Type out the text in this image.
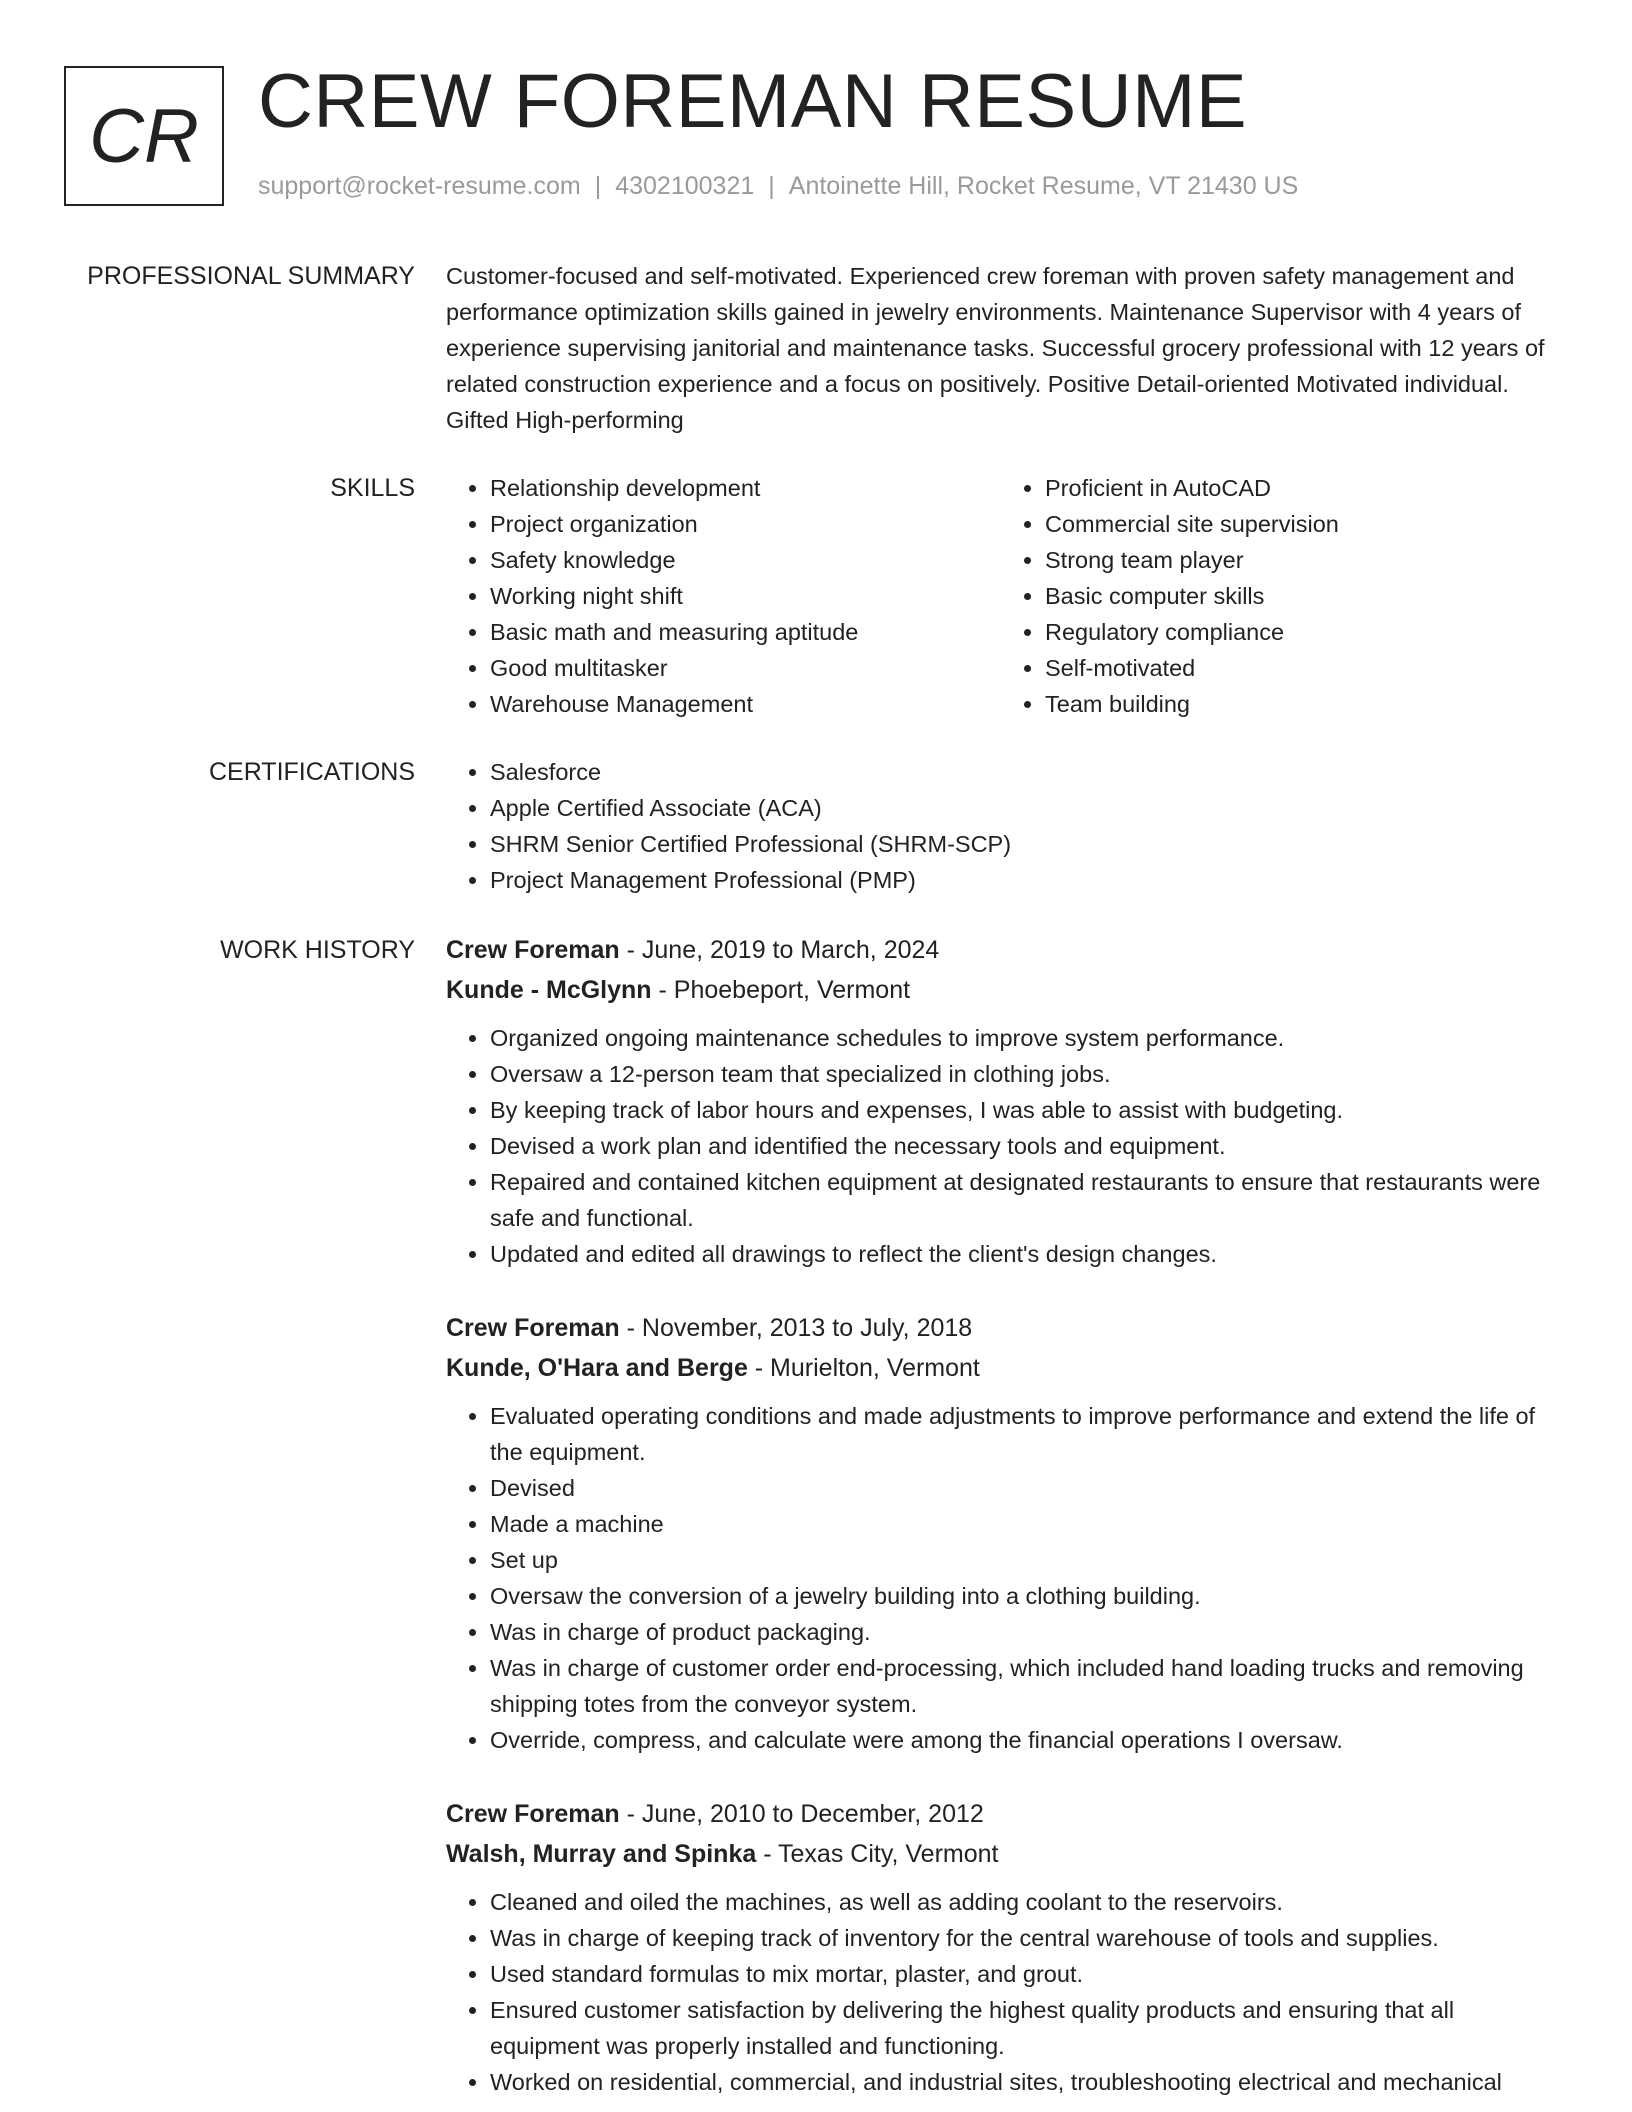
CR CREW FOREMAN RESUME
support@rocket-resume.com | 4302100321 | Antoinette Hill, Rocket Resume, VT 21430 US
PROFESSIONAL SUMMARY Customer-focused and self-motivated. Experienced crew foreman with proven safety management and performance optimization skills gained in jewelry environments. Maintenance Supervisor with 4 years of experience supervising janitorial and maintenance tasks. Successful grocery professional with 12 years of related construction experience and a focus on positively. Positive Detail-oriented Motivated individual. Gifted High-performing
SKILLS	• Relationship development
• Project organization
• Safety knowledge
• Working night shift
• Basic math and measuring aptitude
• Good multitasker
• Warehouse Management
• Proficient in AutoCAD
• Commercial site supervision
• Strong team player
• Basic computer skills
• Regulatory compliance
• Self-motivated
• Team building
CERTIFICATIONS	• Salesforce
• Apple Certified Associate (ACA)
• SHRM Senior Certified Professional (SHRM-SCP)
• Project Management Professional (PMP)
WORK HISTORY Crew Foreman - June, 2019 to March, 2024
Kunde - McGlynn - Phoebeport, Vermont
• Organized ongoing maintenance schedules to improve system performance.
• Oversaw a 12-person team that specialized in clothing jobs.
• By keeping track of labor hours and expenses, I was able to assist with budgeting.
• Devised a work plan and identified the necessary tools and equipment.
• Repaired and contained kitchen equipment at designated restaurants to ensure that restaurants were safe and functional.
• Updated and edited all drawings to reflect the client's design changes.
Crew Foreman - November, 2013 to July, 2018
Kunde, O'Hara and Berge - Murielton, Vermont
• Evaluated operating conditions and made adjustments to improve performance and extend the life of the equipment.
• Devised
• Made a machine
• Set up
• Oversaw the conversion of a jewelry building into a clothing building.
• Was in charge of product packaging.
• Was in charge of customer order end-processing, which included hand loading trucks and removing shipping totes from the conveyor system.
• Override, compress, and calculate were among the financial operations I oversaw.
Crew Foreman - June, 2010 to December, 2012
Walsh, Murray and Spinka - Texas City, Vermont
• Cleaned and oiled the machines, as well as adding coolant to the reservoirs.
• Was in charge of keeping track of inventory for the central warehouse of tools and supplies.
• Used standard formulas to mix mortar, plaster, and grout.
• Ensured customer satisfaction by delivering the highest quality products and ensuring that all equipment was properly installed and functioning.
• Worked on residential, commercial, and industrial sites, troubleshooting electrical and mechanical
